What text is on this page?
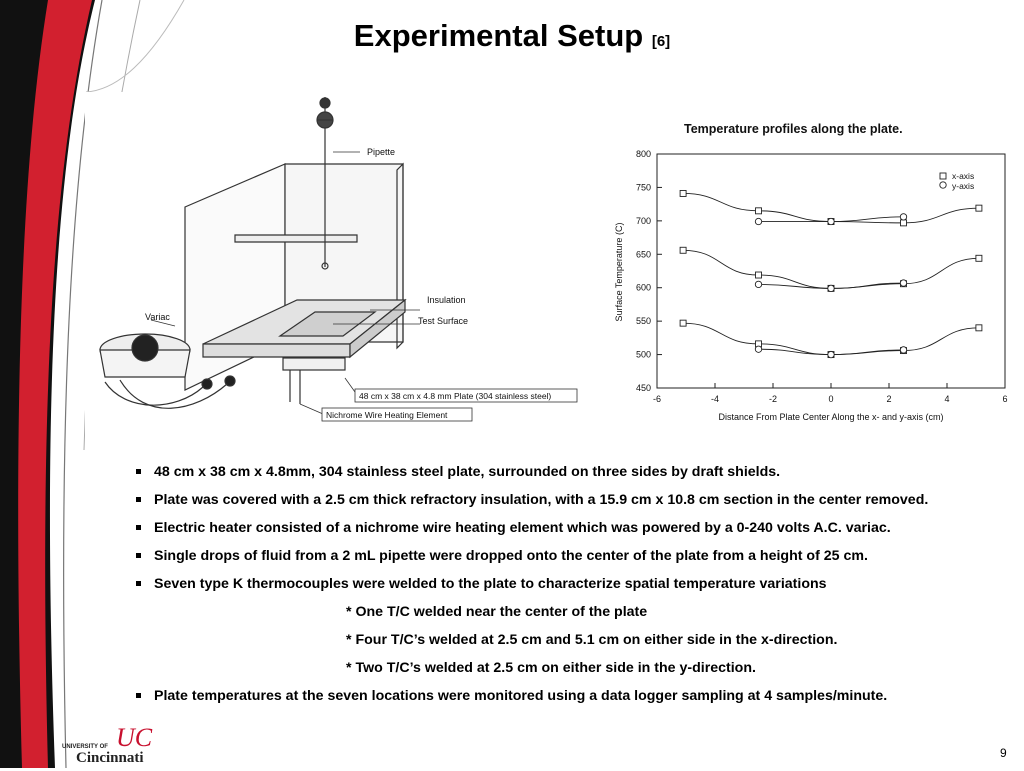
Experimental Setup [6]
Pipette
Variac
Insulation
Test Surface
48 cm x 38 cm x 4.8 mm Plate (304 stainless steel)
Nichrome Wire Heating Element
Temperature profiles along the plate.
-6	-4	-2	0	2	4	6
450
500
550
600
650
700
750
800
x-axis
y-axis
Distance From Plate Center Along the x- and y-axis (cm)
Surface Temperature (C)
48 cm x 38 cm x 4.8mm, 304 stainless steel plate, surrounded on three sides by draft shields.
Plate was covered with a 2.5 cm thick refractory insulation, with a 15.9 cm x 10.8 cm section in the center removed.
Electric heater consisted of a nichrome wire heating element which was powered by a 0-240 volts A.C. variac.
Single drops of fluid from a 2 mL pipette were dropped onto the center of the plate from a height of 25 cm.
Seven type K thermocouples were welded to the plate to characterize spatial temperature variations
* One T/C welded near the center of the plate
* Four T/C’s welded at 2.5 cm and 5.1 cm on either side in the x-direction.
* Two T/C’s welded at 2.5 cm on either side in the y-direction.
Plate temperatures at the seven locations were monitored using a data logger sampling at 4 samples/minute.
UC
UNIVERSITY OF
Cincinnati	9
